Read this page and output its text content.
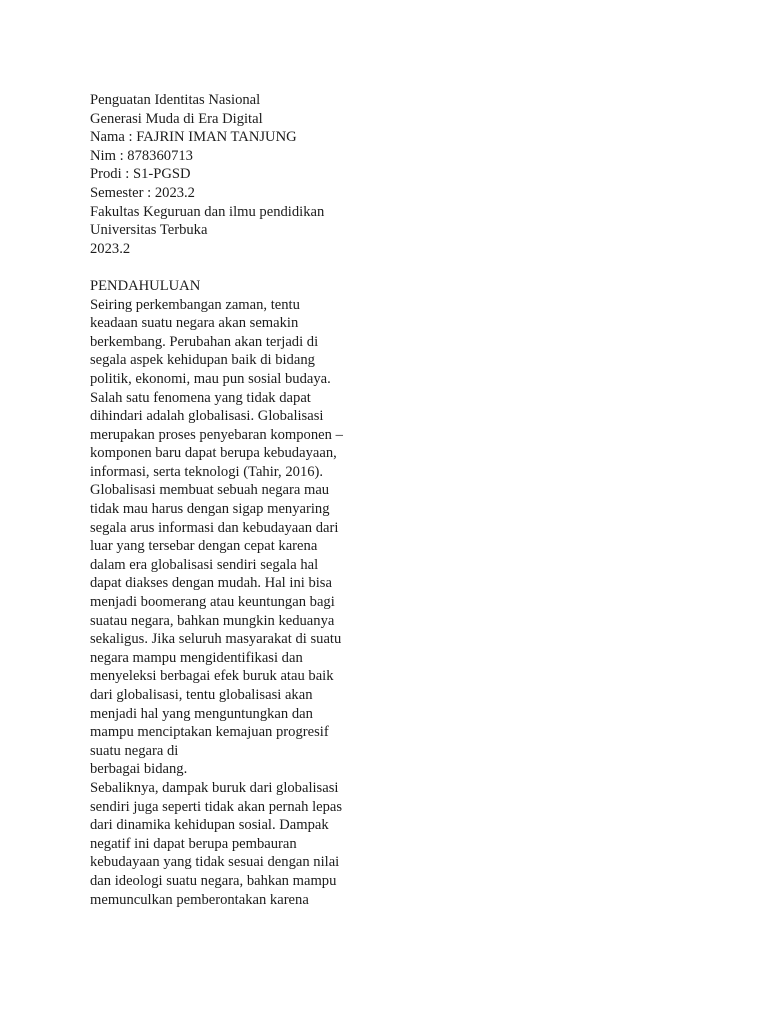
Penguatan Identitas Nasional
Generasi Muda di Era Digital
Nama : FAJRIN IMAN TANJUNG
Nim : 878360713
Prodi : S1-PGSD
Semester : 2023.2
Fakultas Keguruan dan ilmu pendidikan
Universitas Terbuka
2023.2
PENDAHULUAN
Seiring perkembangan zaman, tentu
keadaan suatu negara akan semakin
berkembang. Perubahan akan terjadi di
segala aspek kehidupan baik di bidang
politik, ekonomi, mau pun sosial budaya.
Salah satu fenomena yang tidak dapat
dihindari adalah globalisasi. Globalisasi
merupakan proses penyebaran komponen –
komponen baru dapat berupa kebudayaan,
informasi, serta teknologi (Tahir, 2016).
Globalisasi membuat sebuah negara mau
tidak mau harus dengan sigap menyaring
segala arus informasi dan kebudayaan dari
luar yang tersebar dengan cepat karena
dalam era globalisasi sendiri segala hal
dapat diakses dengan mudah. Hal ini bisa
menjadi boomerang atau keuntungan bagi
suatau negara, bahkan mungkin keduanya
sekaligus. Jika seluruh masyarakat di suatu
negara mampu mengidentifikasi dan
menyeleksi berbagai efek buruk atau baik
dari globalisasi, tentu globalisasi akan
menjadi hal yang menguntungkan dan
mampu menciptakan kemajuan progresif
suatu negara di
berbagai bidang.
Sebaliknya, dampak buruk dari globalisasi
sendiri juga seperti tidak akan pernah lepas
dari dinamika kehidupan sosial. Dampak
negatif ini dapat berupa pembauran
kebudayaan yang tidak sesuai dengan nilai
dan ideologi suatu negara, bahkan mampu
memunculkan pemberontakan karena
